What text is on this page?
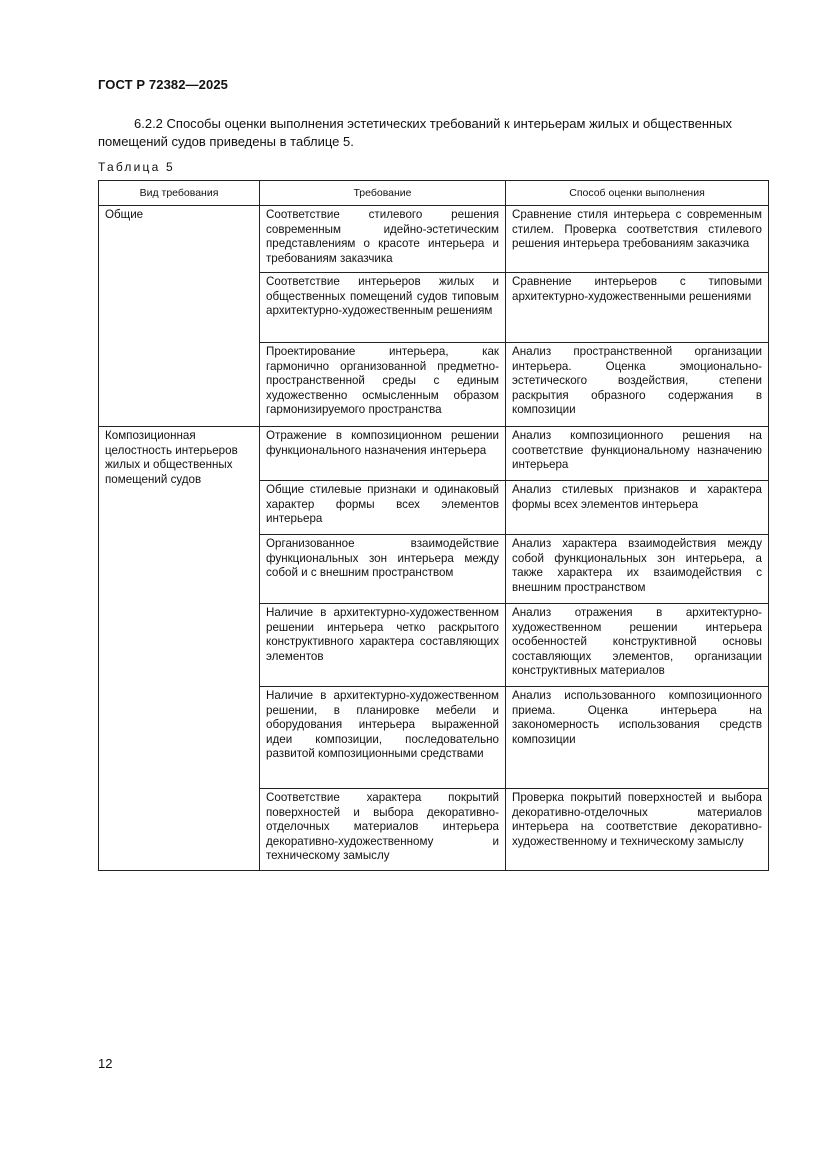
ГОСТ Р 72382—2025

6.2.2 Способы оценки выполнения эстетических требований к интерьерам жилых и общественных помещений судов приведены в таблице 5.

Таблица 5
Вид требования	Требование	Способ оценки выполнения
Общие	Соответствие стилевого решения современным идейно-эстетическим представлениям о красоте интерьера и требованиям заказчика	Сравнение стиля интерьера с современным стилем. Проверка соответствия стилевого решения интерьера требованиям заказчика
	Соответствие интерьеров жилых и общественных помещений судов типовым архитектурно-художественным решениям	Сравнение интерьеров с типовыми архитектурно-художественными решениями
	Проектирование интерьера, как гармонично организованной предметно-пространственной среды с единым художественно осмысленным образом гармонизируемого пространства	Анализ пространственной организации интерьера. Оценка эмоционально-эстетического воздействия, степени раскрытия образного содержания в композиции
Композиционная целостность интерьеров жилых и общественных помещений судов	Отражение в композиционном решении функционального назначения интерьера	Анализ композиционного решения на соответствие функциональному назначению интерьера
	Общие стилевые признаки и одинаковый характер формы всех элементов интерьера	Анализ стилевых признаков и характера формы всех элементов интерьера
	Организованное взаимодействие функциональных зон интерьера между собой и с внешним пространством	Анализ характера взаимодействия между собой функциональных зон интерьера, а также характера их взаимодействия с внешним пространством
	Наличие в архитектурно-художественном решении интерьера четко раскрытого конструктивного характера составляющих элементов	Анализ отражения в архитектурно-художественном решении интерьера особенностей конструктивной основы составляющих элементов, организации конструктивных материалов
	Наличие в архитектурно-художественном решении, в планировке мебели и оборудования интерьера выраженной идеи композиции, последовательно развитой композиционными средствами	Анализ использованного композиционного приема. Оценка интерьера на закономерность использования средств композиции
	Соответствие характера покрытий поверхностей и выбора декоративно-отделочных материалов интерьера декоративно-художественному и техническому замыслу	Проверка покрытий поверхностей и выбора декоративно-отделочных материалов интерьера на соответствие декоративно-художественному и техническому замыслу
12
